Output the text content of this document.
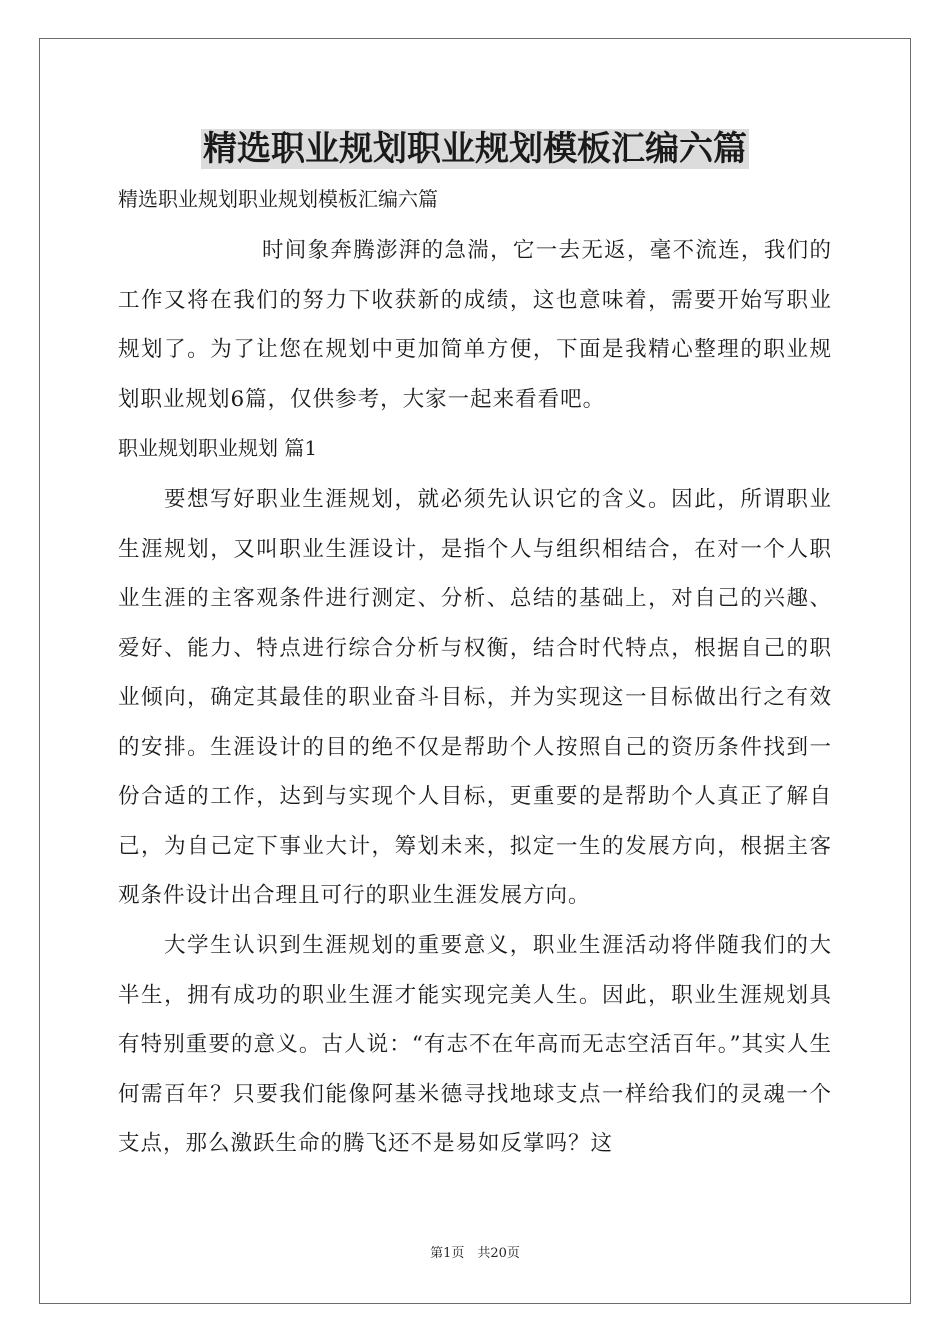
精选职业规划职业规划模板汇编六篇
精选职业规划职业规划模板汇编六篇
时间象奔腾澎湃的急湍，它一去无返，毫不流连，我们的工作又将在我们的努力下收获新的成绩，这也意味着，需要开始写职业规划了。为了让您在规划中更加简单方便，下面是我精心整理的职业规划职业规划6篇，仅供参考，大家一起来看看吧。
职业规划职业规划 篇1
要想写好职业生涯规划，就必须先认识它的含义。因此，所谓职业生涯规划，又叫职业生涯设计，是指个人与组织相结合，在对一个人职业生涯的主客观条件进行测定、分析、总结的基础上，对自己的兴趣、爱好、能力、特点进行综合分析与权衡，结合时代特点，根据自己的职业倾向，确定其最佳的职业奋斗目标，并为实现这一目标做出行之有效的安排。生涯设计的目的绝不仅是帮助个人按照自己的资历条件找到一份合适的工作，达到与实现个人目标，更重要的是帮助个人真正了解自己，为自己定下事业大计，筹划未来，拟定一生的发展方向，根据主客观条件设计出合理且可行的职业生涯发展方向。
大学生认识到生涯规划的重要意义，职业生涯活动将伴随我们的大半生，拥有成功的职业生涯才能实现完美人生。因此，职业生涯规划具有特别重要的意义。古人说：“有志不在年高而无志空活百年。”其实人生何需百年？只要我们能像阿基米德寻找地球支点一样给我们的灵魂一个支点，那么激跃生命的腾飞还不是易如反掌吗？这
第1页　共20页
